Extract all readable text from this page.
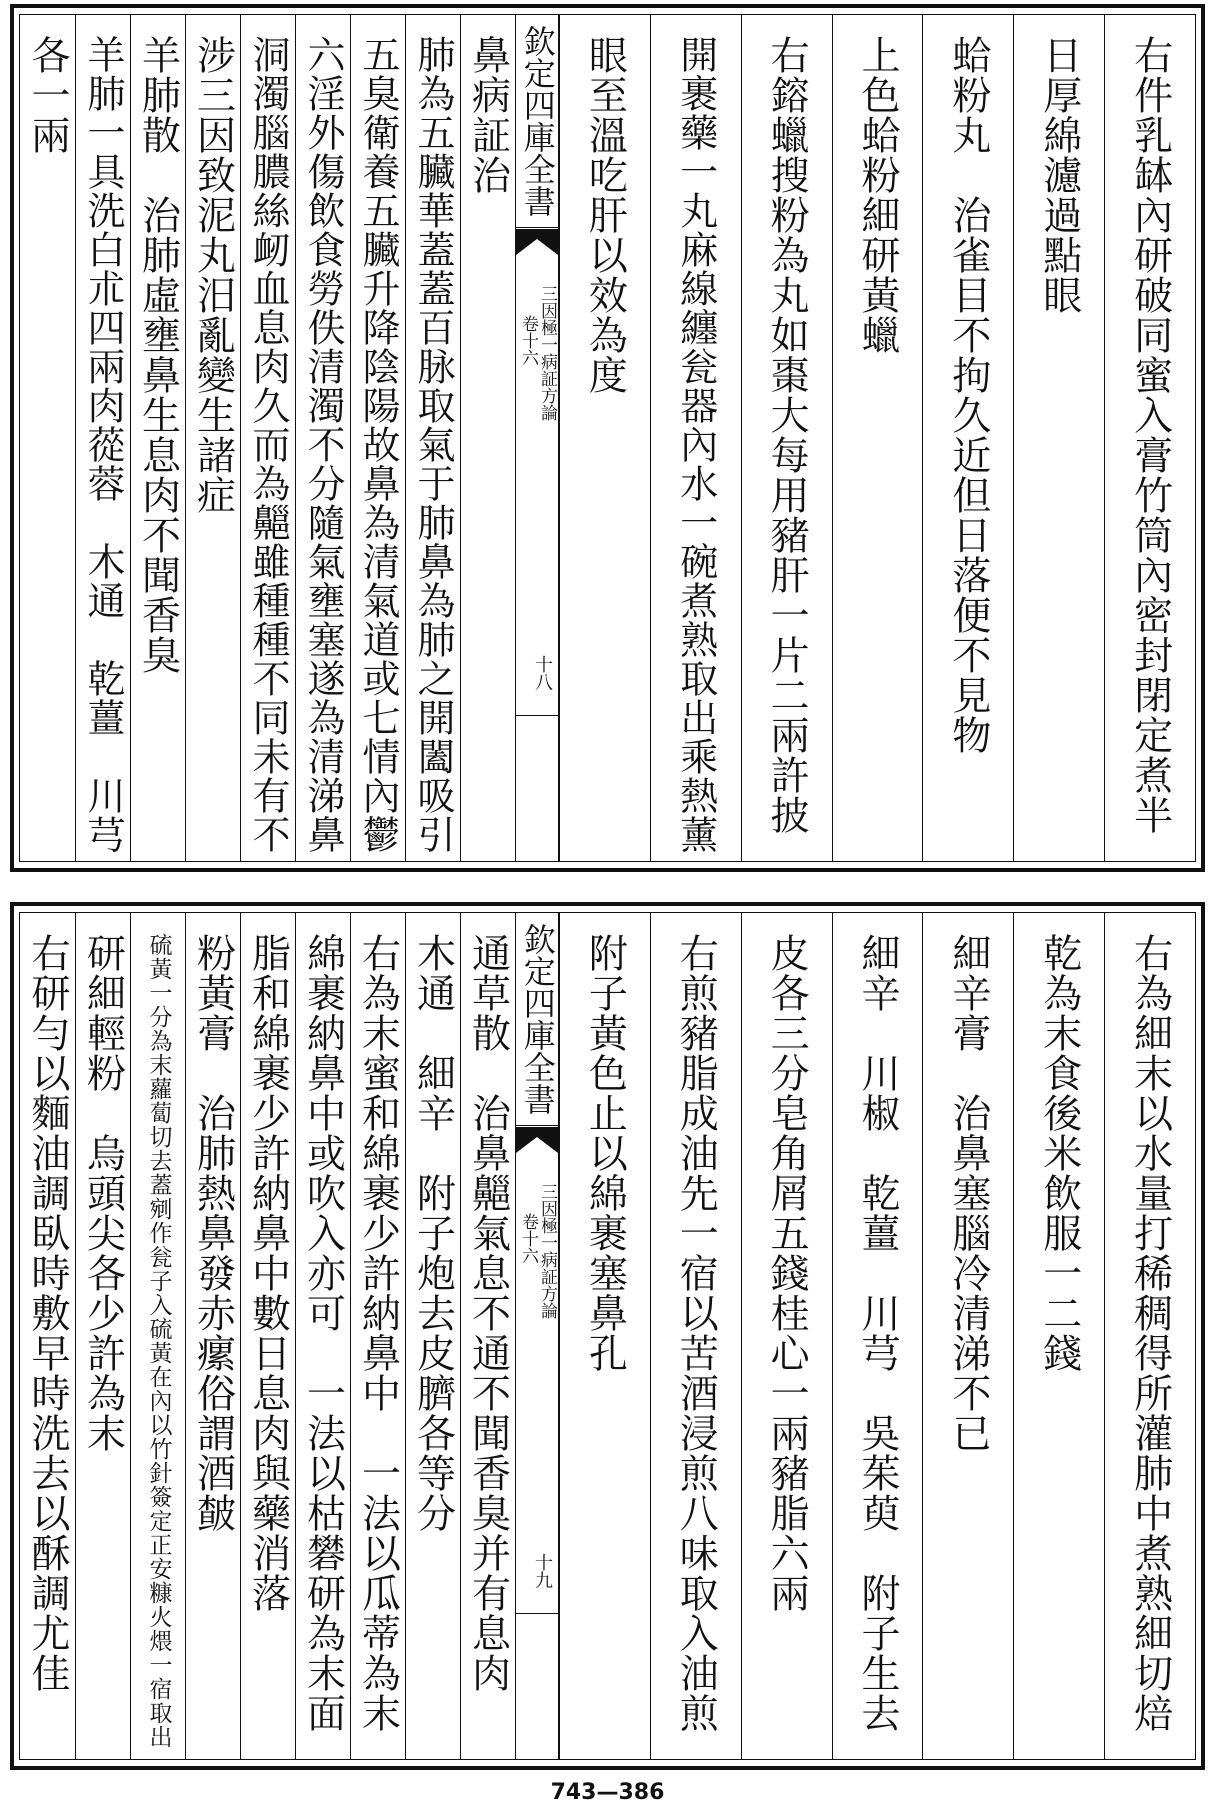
右件乳缽內研破同蜜入膏竹筒內密封閉定煮半
日厚綿濾過點眼
蛤粉丸　治雀目不拘久近但日落便不見物
上色蛤粉細研黃蠟
右鎔蠟搜粉為丸如棗大每用豬肝一片二兩許披
開裹藥一丸麻線纏瓮器內水一碗煮熟取出乘熱薰
眼至溫吃肝以效為度
鼻病証治
肺為五臟華蓋蓋百脉取氣于肺鼻為肺之開闔吸引
五臭衛養五臟升降陰陽故鼻為清氣道或七情內鬱
六淫外傷飲食勞佚清濁不分隨氣壅塞遂為清涕鼻
洞濁腦膿絲衂血息肉久而為齆雖種種不同未有不
涉三因致泥丸汨亂變生諸症
羊肺散　治肺虛壅鼻生息肉不聞香臭
羊肺一具洗白朮四兩肉蓯蓉　木通　乾薑　川芎
各一兩	欽定四庫全書
三因極一病証方論
卷十六
十八
右為細末以水量打稀稠得所灌肺中煮熟細切焙
乾為末食後米飲服一二錢
細辛膏　治鼻塞腦冷清涕不已
細辛　川椒　乾薑　川芎　吳茱萸　附子生去
皮各三分皂角屑五錢桂心一兩豬脂六兩
右煎豬脂成油先一宿以苦酒浸煎八味取入油煎
附子黃色止以綿裹塞鼻孔
通草散　治鼻齆氣息不通不聞香臭并有息肉
木通　細辛　附子炮去皮臍各等分
右為末蜜和綿裹少許納鼻中　一法以瓜蒂為末
綿裹納鼻中或吹入亦可　一法以枯礬研為末面
脂和綿裹少許納鼻中數日息肉與藥消落
粉黃膏　治肺熱鼻發赤瘰俗謂酒皶
硫黃一分為末蘿蔔切去蓋剜作瓮子入硫黃在內以竹針簽定正安糠火煨一宿取出
研細輕粉　烏頭尖各少許為末
右研勻以麵油調臥時敷早時洗去以酥調尤佳	欽定四庫全書
三因極一病証方論
卷十六
十九
743—386
